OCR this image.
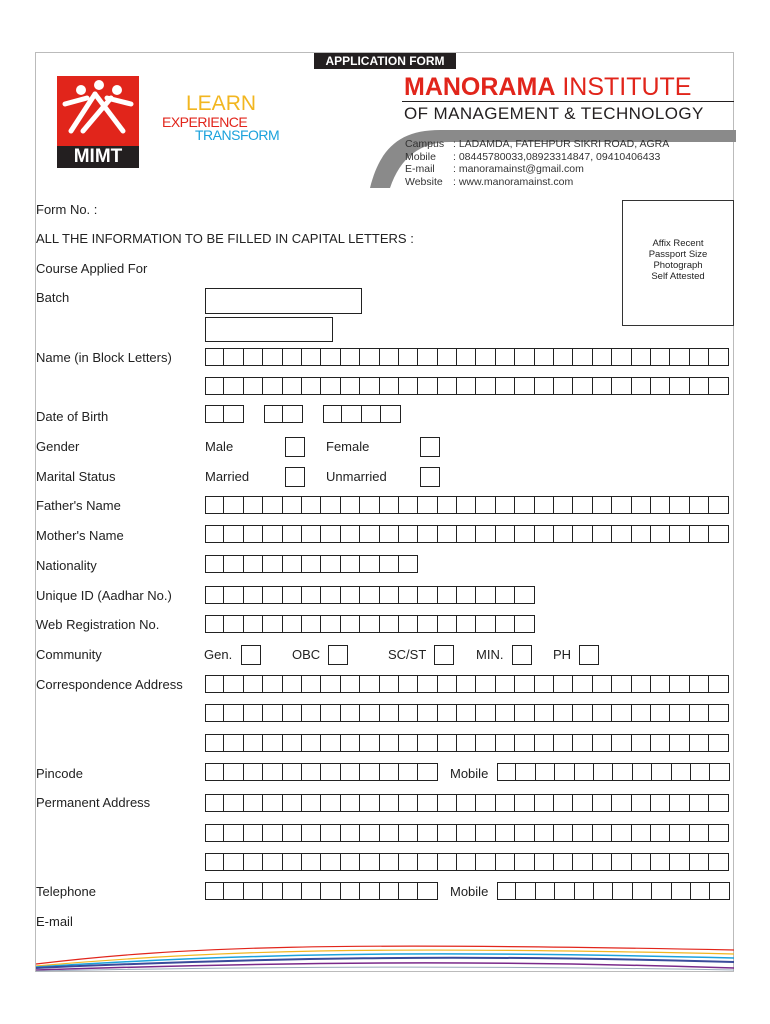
APPLICATION FORM
MIMT
LEARN
EXPERIENCE
TRANSFORM
MANORAMA INSTITUTE
OF MANAGEMENT & TECHNOLOGY
Campus : LADAMDA, FATEHPUR SIKRI ROAD, AGRA
Mobile	: 08445780033,08923314847, 09410406433
E-mail	: manoramainst@gmail.com
Website : www.manoramainst.com
Affix Recent
Passport Size
Photograph
Self Attested
Form No. :
ALL THE INFORMATION TO BE FILLED IN CAPITAL LETTERS :
Course Applied For
Batch
Name (in Block Letters)
Date of Birth
Gender	Male	Female
Marital Status	Married	Unmarried
Father's Name
Mother's Name
Nationality
Unique ID (Aadhar No.)
Web Registration No.
Community	Gen.	OBC	SC/ST	MIN.	PH
Correspondence Address
Pincode	Mobile
Permanent Address
Telephone	Mobile
E-mail
